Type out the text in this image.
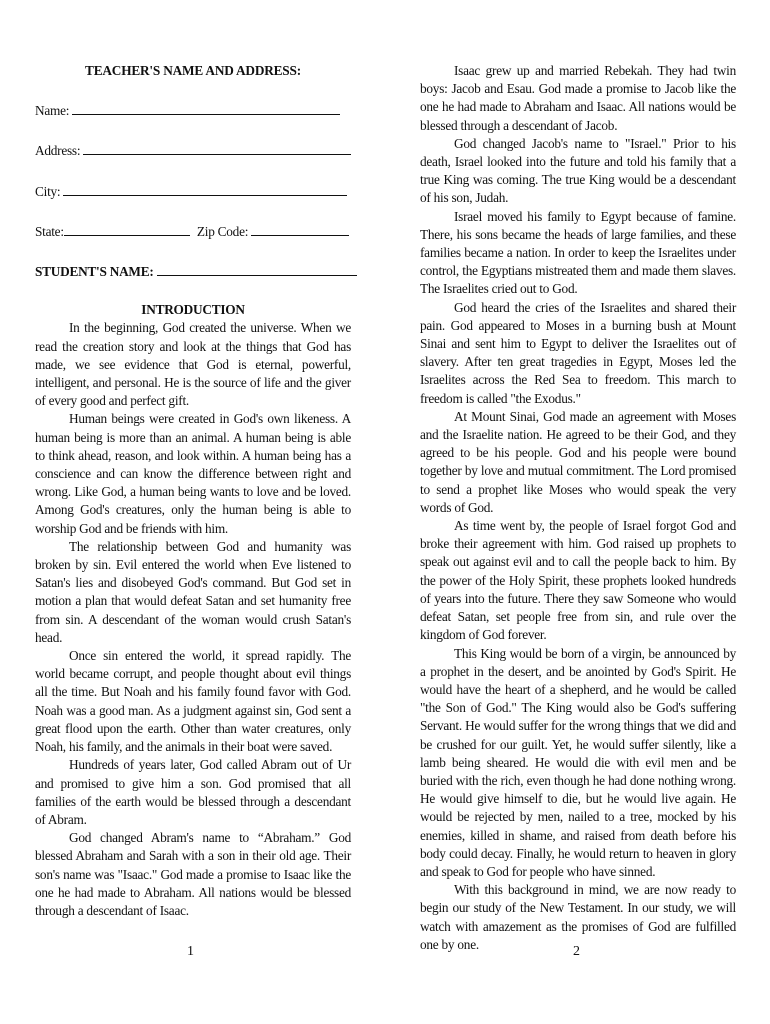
TEACHER'S NAME AND ADDRESS:
Name:
Address:
City:
State:	Zip Code:
STUDENT'S NAME:
INTRODUCTION

In the beginning, God created the universe. When we read the creation story and look at the things that God has made, we see evidence that God is eternal, powerful, intelligent, and personal. He is the source of life and the giver of every good and perfect gift.

Human beings were created in God's own likeness. A human being is more than an animal. A human being is able to think ahead, reason, and look within. A human being has a conscience and can know the difference between right and wrong. Like God, a human being wants to love and be loved. Among God's creatures, only the human being is able to worship God and be friends with him.

The relationship between God and humanity was broken by sin. Evil entered the world when Eve listened to Satan's lies and disobeyed God's command. But God set in motion a plan that would defeat Satan and set humanity free from sin. A descendant of the woman would crush Satan's head.

Once sin entered the world, it spread rapidly. The world became corrupt, and people thought about evil things all the time. But Noah and his family found favor with God. Noah was a good man. As a judgment against sin, God sent a great flood upon the earth. Other than water creatures, only Noah, his family, and the animals in their boat were saved.

Hundreds of years later, God called Abram out of Ur and promised to give him a son. God promised that all families of the earth would be blessed through a descendant of Abram.

God changed Abram's name to “Abraham.” God blessed Abraham and Sarah with a son in their old age. Their son's name was "Isaac." God made a promise to Isaac like the one he had made to Abraham. All nations would be blessed through a descendant of Isaac.

1

Isaac grew up and married Rebekah. They had twin boys: Jacob and Esau. God made a promise to Jacob like the one he had made to Abraham and Isaac. All nations would be blessed through a descendant of Jacob.

God changed Jacob's name to "Israel." Prior to his death, Israel looked into the future and told his family that a true King was coming. The true King would be a descendant of his son, Judah.

Israel moved his family to Egypt because of famine. There, his sons became the heads of large families, and these families became a nation. In order to keep the Israelites under control, the Egyptians mistreated them and made them slaves. The Israelites cried out to God.

God heard the cries of the Israelites and shared their pain. God appeared to Moses in a burning bush at Mount Sinai and sent him to Egypt to deliver the Israelites out of slavery. After ten great tragedies in Egypt, Moses led the Israelites across the Red Sea to freedom. This march to freedom is called "the Exodus."

At Mount Sinai, God made an agreement with Moses and the Israelite nation. He agreed to be their God, and they agreed to be his people. God and his people were bound together by love and mutual commitment. The Lord promised to send a prophet like Moses who would speak the very words of God.

As time went by, the people of Israel forgot God and broke their agreement with him. God raised up prophets to speak out against evil and to call the people back to him. By the power of the Holy Spirit, these prophets looked hundreds of years into the future. There they saw Someone who would defeat Satan, set people free from sin, and rule over the kingdom of God forever.

This King would be born of a virgin, be announced by a prophet in the desert, and be anointed by God's Spirit. He would have the heart of a shepherd, and he would be called "the Son of God." The King would also be God's suffering Servant. He would suffer for the wrong things that we did and be crushed for our guilt. Yet, he would suffer silently, like a lamb being sheared. He would die with evil men and be buried with the rich, even though he had done nothing wrong. He would give himself to die, but he would live again. He would be rejected by men, nailed to a tree, mocked by his enemies, killed in shame, and raised from death before his body could decay. Finally, he would return to heaven in glory and speak to God for people who have sinned.

With this background in mind, we are now ready to begin our study of the New Testament. In our study, we will watch with amazement as the promises of God are fulfilled one by one.	2
